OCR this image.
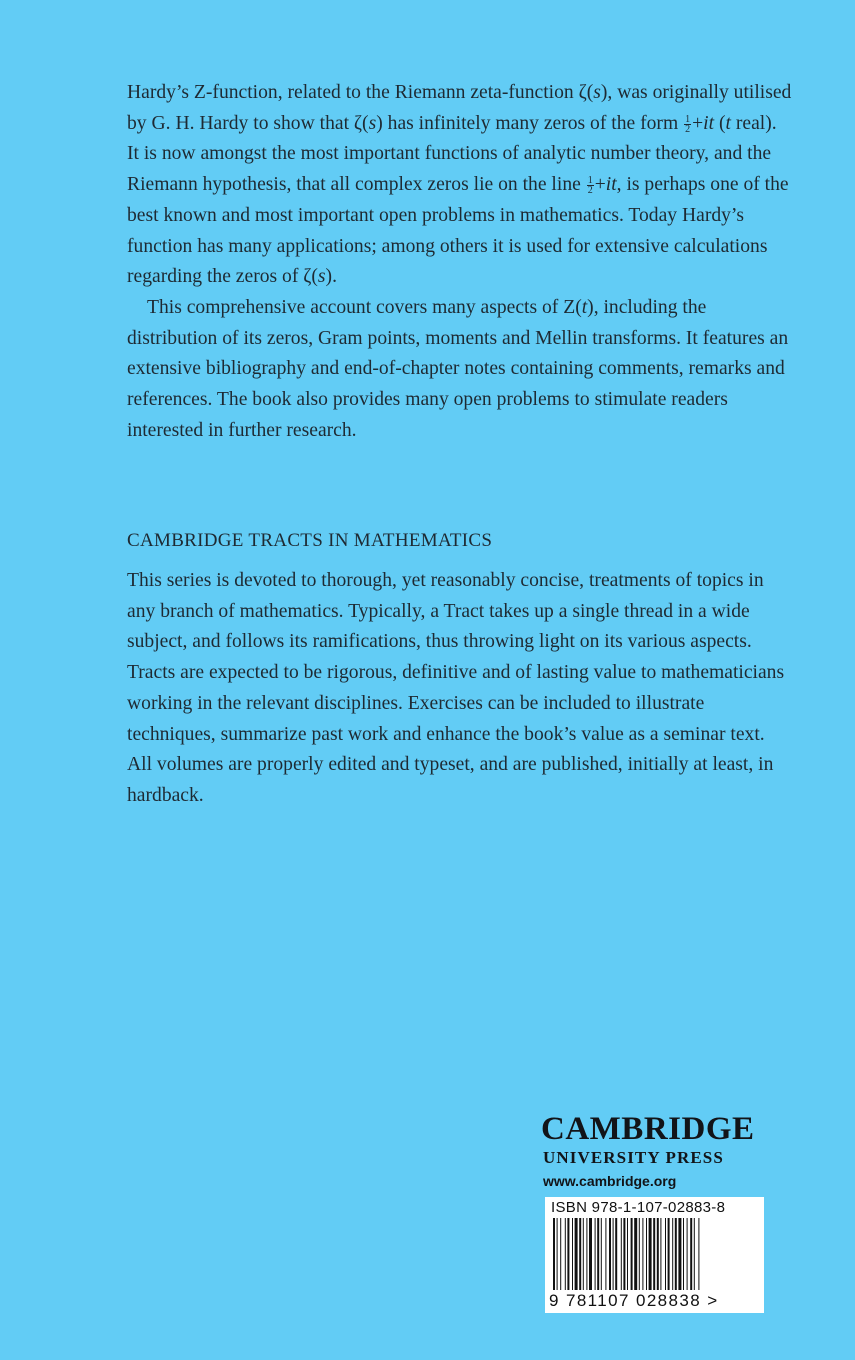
Hardy’s Z-function, related to the Riemann zeta-function ζ(s), was originally utilised by G. H. Hardy to show that ζ(s) has infinitely many zeros of the form $\frac{1}{2} +it$ (t real). It is now amongst the most important functions of analytic number theory, and the Riemann hypothesis, that all complex zeros lie on the line $\frac{1}{2} +it$, is perhaps one of the best known and most important open problems in mathematics. Today Hardy’s function has many applications; among others it is used for extensive calculations regarding the zeros of ζ(s).

This comprehensive account covers many aspects of Z(t), including the distribution of its zeros, Gram points, moments and Mellin transforms. It features an extensive bibliography and end-of-chapter notes containing comments, remarks and references. The book also provides many open problems to stimulate readers interested in further research.

CAMBRIDGE TRACTS IN MATHEMATICS

This series is devoted to thorough, yet reasonably concise, treatments of topics in any branch of mathematics. Typically, a Tract takes up a single thread in a wide subject, and follows its ramifications, thus throwing light on its various aspects. Tracts are expected to be rigorous, definitive and of lasting value to mathematicians working in the relevant disciplines. Exercises can be included to illustrate techniques, summarize past work and enhance the book’s value as a seminar text. All volumes are properly edited and typeset, and are published, initially at least, in hardback.

CAMBRIDGE
UNIVERSITY PRESS
www.cambridge.org
ISBN 978-1-107-02883-8
9 781107 028838 >
